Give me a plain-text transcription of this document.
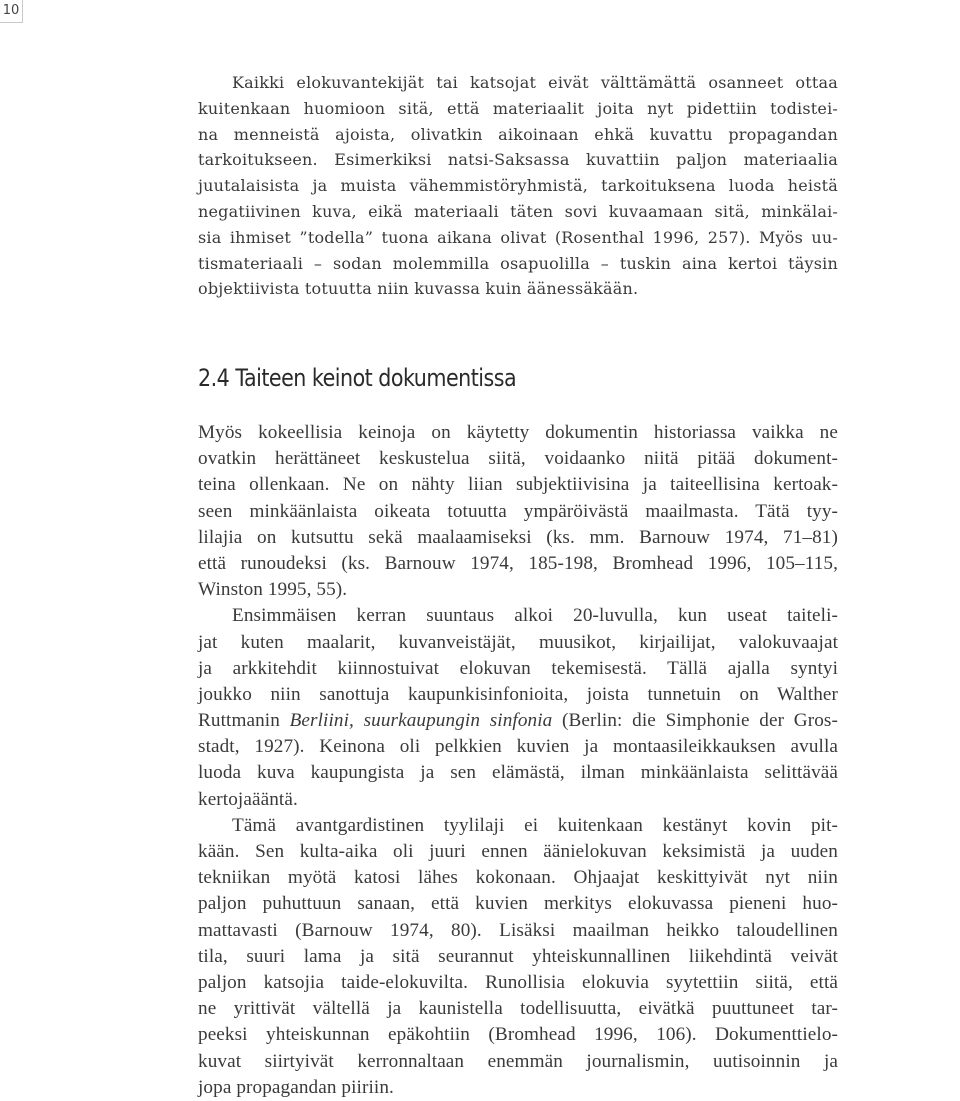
10
Kaikki elokuvantekijät tai katsojat eivät välttämättä osanneet ottaa
kuitenkaan huomioon sitä, että materiaalit joita nyt pidettiin todistei-
na menneistä ajoista, olivatkin aikoinaan ehkä kuvattu propagandan
tarkoitukseen. Esimerkiksi natsi-Saksassa kuvattiin paljon materiaalia
juutalaisista ja muista vähemmistöryhmistä, tarkoituksena luoda heistä
negatiivinen kuva, eikä materiaali täten sovi kuvaamaan sitä, minkälai-
sia ihmiset ”todella” tuona aikana olivat (Rosenthal 1996, 257). Myös uu-
tismateriaali – sodan molemmilla osapuolilla – tuskin aina kertoi täysin
objektiivista totuutta niin kuvassa kuin äänessäkään.
2.4 Taiteen keinot dokumentissa
Myös kokeellisia keinoja on käytetty dokumentin historiassa vaikka ne
ovatkin herättäneet keskustelua siitä, voidaanko niitä pitää dokument-
teina ollenkaan. Ne on nähty liian subjektiivisina ja taiteellisina kertoak-
seen minkäänlaista oikeata totuutta ympäröivästä maailmasta. Tätä tyy-
lilajia on kutsuttu sekä maalaamiseksi (ks. mm. Barnouw 1974, 71–81)
että runoudeksi (ks. Barnouw 1974, 185-198, Bromhead 1996, 105–115,
Winston 1995, 55).
Ensimmäisen kerran suuntaus alkoi 20-luvulla, kun useat taiteli-
jat kuten maalarit, kuvanveistäjät, muusikot, kirjailijat, valokuvaajat
ja arkkitehdit kiinnostuivat elokuvan tekemisestä. Tällä ajalla syntyi
joukko niin sanottuja kaupunkisinfonioita, joista tunnetuin on Walther
Ruttmanin Berliini, suurkaupungin sinfonia (Berlin: die Simphonie der Gros-
stadt, 1927). Keinona oli pelkkien kuvien ja montaasileikkauksen avulla
luoda kuva kaupungista ja sen elämästä, ilman minkäänlaista selittävää
kertojaääntä.
Tämä avantgardistinen tyylilaji ei kuitenkaan kestänyt kovin pit-
kään. Sen kulta-aika oli juuri ennen äänielokuvan keksimistä ja uuden
tekniikan myötä katosi lähes kokonaan. Ohjaajat keskittyivät nyt niin
paljon puhuttuun sanaan, että kuvien merkitys elokuvassa pieneni huo-
mattavasti (Barnouw 1974, 80). Lisäksi maailman heikko taloudellinen
tila, suuri lama ja sitä seurannut yhteiskunnallinen liikehdintä veivät
paljon katsojia taide-elokuvilta. Runollisia elokuvia syytettiin siitä, että
ne yrittivät vältellä ja kaunistella todellisuutta, eivätkä puuttuneet tar-
peeksi yhteiskunnan epäkohtiin (Bromhead 1996, 106). Dokumenttielo-
kuvat siirtyivät kerronnaltaan enemmän journalismin, uutisoinnin ja
jopa propagandan piiriin.
